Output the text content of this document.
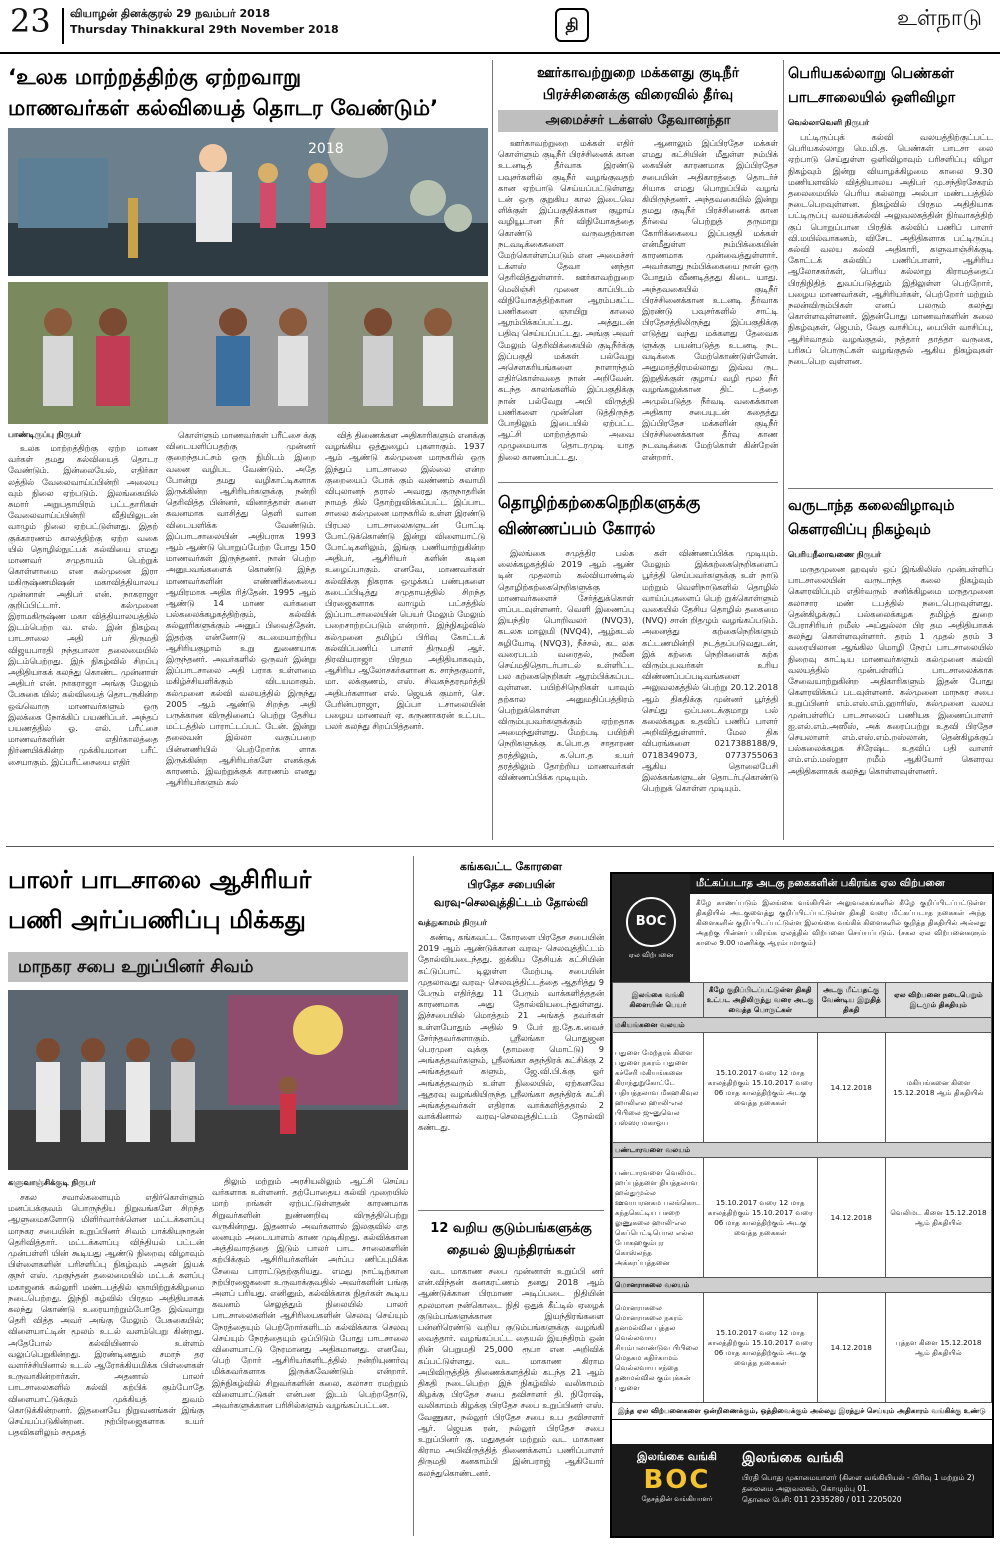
23 வியாழன் தினக்குரல் 29 நவம்பர் 2018
Thursday Thinakkural 29th November 2018	தி	உள்நாடு
‘உலக மாற்றத்திற்கு ஏற்றவாறு
மாணவர்கள் கல்வியைத் தொடர வேண்டும்’
2018
பாண்டிருப்பு நிருபர்

உலக மாற்றத்திற்கு ஏற்ற மாண வர்கள் தமது கல்வியைத் தொடர வேண்டும். இன்லையேல், எதிர்கா லத்தில் வேலைவாய்ப்பின்றி அலைய வும் நிலை ஏற்படும். இலங்கையில் சுமார் அறுபதாயிரம் பட்டதாரிகள் வேலைவாய்ப்பின்றி வீதியிலுடன் வாழும் நிலை ஏற்பட்டுள்ளது. இதற் குக்காரணம் காலத்திற்கு ஏற்ற வகை யில் தொழில்நுட்பக் கல்வியை எமது மாணவர் சமுதாயம் பெற்றுக் கொள்ளாமை என கல்முனை இரா மகிருஷ்ணமிஷன் மகாவித்தியாலய முன்னாள் அதிபர் என். நாகராஜா குறிப்பிட்டார். கல்முனை இராமகிருஷ்ண மகா வித்தியாலயத்தில் இடம்பெற்ற வ. எல். இன் நிகழ்வு பாடசாலை அதி பர் திருமதி விஜயபாரதி நந்தபாலா தலைமையில் இடம்பெற்றது. இந் நிகழ்வில் சிறப்பு அதிதியாகக் கலந்து கொண்ட முன்னாள் அதிபர் என். நாகராஜா அங்கு மேலும் பேசுகை யில்; கல்வியைத் தொடருகின்ற ஒவ்வொரு மாணவர்களும் ஒரு இலக்கை நோக்கிப் பயணிப்பர். அந்தப் பயணத்தில் ஓ. எல். பரீட்சை மாணவர்களின் எதிர்காலத்தை நிர்ணயிக்கின்ற முக்கியமான பரீட் சையாகும். இப்பரீட்சையை எதிர்

கொள்ளும் மாணவர்கள் பரீட்சை க்கு விடையளிப்பதற்கு முன்னர் குறைந்தபட்சம் ஒரு நிமிடம் இறை வனை வழிபட வேண்டும். அதே போன்று தமது வழிகாட்டிகளாக இருக்கின்ற ஆசிரியர்களுக்கு நன்றி தெரிவித்த பின்னர், வினாத்தாள் களை கவனமாக வாசித்து தெளி வான விடையளிக்க வேண்டும். இப்பாடசாலையின் அதிபராக 1993 ஆம் ஆண்டு பொறுப்பேற்ற போது 150 மாணவர்கள் இருந்தனர். நான் பெற்ற அனுபவங்களைக் கொண்டு இந்த மாணவர்களின் எண்ணிக்கையை ஆயிரமாக அதிக ரித்தேன். 1995 ஆம் ஆண்டு 14 மாண வர்களை பல்கலைக்கழகத்திற்கும், கல்விக் கல்லூரிகளுக்கும் அனுப் பிவைத்தேன். இதற்கு என்னோடு கடமையாற்றிய ஆசிரியகுழாம் உறு துணையாக இருந்தனர். அவர்களில் ஒருவர் இன்று இப்பாடசாலை அதி பராக உள்ளமை மகிழ்ச்சியளிக்கும் விடயமாகும். கல்முனை கல்வி வலயத்தில் இருந்து 2005 ஆம் ஆண்டு சிறந்த அதி பருக்கான விருதினைப் பெற்று தேசிய மட்டத்தில் பாராட்டப்பட் டேன். இன்று தலைவன் இல்லா வகுப்பறை பின்னணியில் பெற்றோர்க ளாக இருக்கின்ற ஆசிரியர்களே எனக்குக் காரணம். இவற்றுக்குக் காரணம் எனது ஆசிரியர்களும் கல்

வித் திணைக்கள அதிகாரிகளும் எனக்கு வழங்கிய ஒத்துழைப் புகளாகும். 1937 ஆம் ஆண்டு கல்முனை மாநகரில் ஒரு இந்துப் பாடசாலை இல்லை என்ற குறையைப் போக் கும் வண்ணம் சுவாமி விபுலானந் தரால் அவரது குருநாதரின் நாமத் தில் தோற்றுவிக்கப்பட்ட இப்பாட சாலை கல்முனை மாநகரில் உள்ள இரண்டு பிரபல பாடசாலைகளுடன் போட்டி போட்டுக்கொண்டு இன்று விளையாட்டு போட்டிகளிலும், இங்கு பணியாற்றுகின்ற அதிபர், ஆசிரியர் களின் கடின உழைப்பாகும். எனவே, மாணவர்கள் கல்விக்கு நிகராக ஒழுக்கப் பண்புகளை கடைப்பிடித்து சமுதாயத்தில் சிறந்த பிரஜைகளாக வாழும் பட்சத்தில் இப்பாடசாலையின் பெயர் மேலும் மேலும் பறைசாற்றப்படும் என்றார். இந்நிகழ்வில் கல்முனை தமிழ்ப் பிரிவு கோட்டக் கல்விப்பணிப் பாளர் திருமதி ஆர். திரவியராஜா பிரதம அதிதியாகவும், ஆசிரிய ஆலோசகர்களான க. சாந்தகுமார், மா. லக்குணம், எஸ். சிவகந்தரமூர்த்தி அதிபர்களான எல். ஜெயக் குமார், செ. பேரின்பராஜா, இப்பா டசாலையின் பழைய மாணவர் ஏ. கருணாகரன் உட்பட பலர் கலந்து சிறப்பித்தனர்.

ஊர்காவற்றுறை மக்களது குடிநீர்
பிரச்சினைக்கு விரைவில் தீர்வு
அமைச்சர் டக்ளஸ் தேவானந்தா

ஊர்காவற்றுறை மக்கள் எதிர் கொள்ளும் குடிநீர் பிரச்சினைக் கான உடனடித் தீர்வாக இரண்டு பவுசர்களில் குடிநீர் வழங்குவதற் கான ஏற்பாடு செய்யப்பட்டுள்ளது டன் ஒரு குறுகிய கால இடைவெ ளிக்குள் இப்பகுதிக்கான குழாய் வழியூடான நீர் விநியோகத்தை கொண்டு வருவதற்கான நடவடிக்கைகளை மேற்கொள்ளப்படும் என அமைச்சர் டக்ளஸ் தேவா னந்தா தெரிவித்துள்ளார். ஊர்காவற்றுறை மெலிஞ்சி முனை காப்பிடம் விநியோகத்திற்கான ஆரம்பகட்ட பணிகளை ஞாயிறு காலை ஆரம்பிக்கப்பட்டது. அத்துடன் பதிவு செய்யப்பட்டது. அங்கு அவர் மேலும் தெரிவிக்கையில் குடிநீர்க்கு இப்பகுதி மக்கள் பல்வேறு அசௌகரியங்களை நாளாந்தம் எதிர்கொள்வதை நான் அறிவேன். கடந்த காலங்களில் இப்பகுதிக்கு நான் பல்வேறு அபி விருத்தி பணிகளை முன்னெ டுத்திருந்த போதிலும் இடையில் ஏற்பட்ட ஆட்சி மாற்றத்தால் அவை முழுமையாக தொடரமுடி யாத நிலை காணப்பட்டது.

ஆனாலும் இப்பிரதேச மக்கள் எமது கட்சியின் மீதுள்ள நம்பிக் கையின் காரணமாக இப்பிரதேச சபையின் அதிகாரத்தை தொடர்ச் சியாக எமது பொறுப்பில் வழங் கியிருந்தனர். அந்தவகையில் இன்று தமது குடிநீர் பிரச்சினைக் கான தீர்வை பெற்றுத் தருமாறு கோரிக்கையை இப்பகுதி மக்கள் என்மீதுள்ள நம்பிக்கையின் காரணமாக முன்வைத்துள்ளார். அவர்களது நம்பிக்கையை நான் ஒரு போதும் வீணடித்தது கிடை யாது. அந்தவகையில் குடிநீர் பிரச்சினைக்கான உடனடி தீர்வாக இரண்டு பவுசர்களில் சாட்டி பிரதேசத்திலிருந்து இப்பகுதிக்கு எடுத்து வந்து மக்களது தேவைக ளுக்கு பயன்படுத்த உடனடி நட வடிக்கை மேற்கொண்டுள்ளேன். அதுமாத்திரமல்லாது இவ்வ ருட இறுதிக்குள் குழாய் வழி மூல நீர் வழங்கலுக்கான திட் டத்தை அமுல்படுத்த நீர்வடி வகைக்கான அதிகார சபையுடன் கதைத்து இப்பிரதேச மக்களின் குடிநீர் பிரச்சினைக்கான தீர்வு காண நடவடிக்கை மேற்கொள் கின்றேன் என்றார்.

தொழிற்கற்கைநெறிகளுக்கு
விண்ணப்பம் கோரல்

இலங்கை சமுத்திர பல்க லைக்கழகத்தில் 2019 ஆம் ஆண் டின் முதலாம் கல்வியாண்டில் தொழிற்கற்கைநெறிகளுக்கு மாணவர்களைச் சேர்த்துக்கொள் ளப்படவுள்ளனர். வெளி இணைப்பு இயந்திர பொறிவலர் (NVQ3), கடலக மாலுமி (NVQ4), ஆழ்கடல் சுழியோடி (NVQ3), நீச்சல், கட லக வரைபடம் வரைதல், நவீன செய்மதிதொடர்பாடல் உள்ளிட்ட பல கற்கைநெறிகள் ஆரம்பிக்கப்பட வுள்ளன. பயிற்சிநெறிகள் யாவும் தற்கால அனுமதிப்பத்திரம் பெற்றுக்கொள்ள விரும்புபவர்களுக்கும் ஏற்றதாக அமைந்துள்ளது. மேற்படி பயிற்சி நெறிகளுக்கு க.பொ.த சாதாரண தரத்திலும், க.பொ.த உயர் தரத்திலும் தோற்றிய மாணவர்கள் விண்ணப்பிக்க முடியும்.

கள் விண்ணப்பிக்க முடியும். மேலும் இக்கற்கைநெறிகளைப் பூர்த்தி செய்பவர்களுக்கு உள் நாடு மற்றும் வெளிநாடுகளில் தொழில் வாய்ப்புகளைப் பெற் றுக்கொள்ளும் வகையில் தேசிய தொழில் தகைமை (NVQ) சான் றிதழும் வழங்கப்படும். அனைத்து கற்கைநெறிகளும் கட்டணமின்றி நடத்தப்படுவதுடன், இக் கற்கை நெறிகளைக் கற்க விரும்புபவர்கள் உரிய விண்ணப்பப்படிவங்களை அலுவலகத்தில் பெற்று 20.12.2018 ஆம் திகதிக்கு முன்னர் பூர்த்தி செய்து ஒப்படைக்குமாறு பல் கலைக்கழக உதவிப் பணிப் பாளர் அறிவித்துள்ளார். மேல திக விபரங்களை 0217388188/9, 0718349073, 0773755063 ஆகிய தொலைபேசி இலக்கங்களுடன் தொடர்புகொண்டு பெற்றுக் கொள்ள முடியும்.

பெரியகல்லாறு பெண்கள்
பாடசாலையில் ஒளிவிழா
வெல்லாவெளி நிருபர்

பட்டிருப்புக் கல்வி வலயத்திற்குட்பட்ட பெரியகல்லாறு மெ.மி.த. பெண்கள் பாடசா லை ஏற்பாடு செய்துள்ள ஒளிவிழாவும் பரிசளிப்பு விழா நிகழ்வும் இன்று வியாழக்கிழமை காலை 9.30 மணியளவில் வித்தியாலய அதிபர் மு.சந்திரசேகரம் தலைமையில் பெரிய கல்லாறு அல்பா மண்டபத்தில் நடைபெறவுள்ளன. நிகழ்வில் பிரதம அதிதியாக பட்டிருப்பு வலயக்கல்வி அலுவலகத்தின் நிர்வாகத்திற் குப் பொறுப்பான பிரதிக் கல்விப் பணிப் பாளர் வி.மயில்வாகனம், விசேட அதிதிகளாக பட்டிருப்பு கல்வி வலய கல்வி அதிகாரி, களுவாஞ்சிக்குடி கோட்டக் கல்விப் பணிப்பாளர், ஆசிரிய ஆலோசகர்கள், பெரிய கல்லாறு கிராமத்தைப் பிரதிநிதித் துவப்படுத்தும் இதிலுள்ள பெற்றோர், பழைய மாணவர்கள், ஆசிரியர்கள், பெற்றோர் மற்றும் நலன்விரும்பிகள் எனப் பலரும் கலந்து கொள்ளவுள்ளனர். இதன்போது மாணவர்களின் கலை நிகழ்வுகள், ஜெபம், வேத வாசிப்பு, பைபிள் வாசிப்பு, ஆசிர்வாதம் வழங்குதல், நத்தார் தாத்தா வருகை, பரிசுப் பொருட்கள் வழங்குதல் ஆகிய நிகழ்வுகள் நடைபெற வுள்ளன.

வருடாந்த கலைவிழாவும்
கௌரவிப்பு நிகழ்வும்
பெரியநீலாவணை நிருபர்

மருதமுனை ஹவுஸ் ஒப் இங்கிலிஸ் முன்பள்ளிப் பாடசாலையின் வருடாந்த கலை நிகழ்வும் கௌரவிப்பும் எதிர்வரும் சனிக்கிழமை மருதமுனை கலாசார மண் டபத்தில் நடைபெறவுள்ளது. தென்கிழக்குப் பல்கலைக்கழக தமிழ்த் துறை பேராசிரியர் றமீஸ் அப்துல்லா பிர தம அதிதியாகக் கலந்து கொள்ளவுள்ளார். தரம் 1 முதல் தரம் 3 வரையிலான ஆங்கில மொழி நேரப் பாடசாலையில் நிறைவு காட்டிய மாணவர்களும் கல்முனை கல்வி வலயத்தில் முன்பள்ளிப் பாடசாலைக்காக சேவையாற்றுகின்ற அதிகாரிகளும் இதன் போது கௌரவிக்கப் படவுள்ளனர். கல்முனை மாநகர சபை உறுப்பினர் எம்.எஸ்.எம்.ஹாரிஸ், கல்முனை வலய முன்பள்ளிப் பாடசாலைப் பணியக இணைப்பாளர் ஐ.எல்.எம்.அஸீஸ், அக் கரைப்பற்று உதவி பிரதேச செயலாளர் எம்.எஸ்.எம்.றஸ்லான், தென்கிழக்குப் பல்கலைக்கழக சிரேஷ்ட உதவிப் பதி வாளர் எம்.எம்.மஸ்றூா றமீம் ஆகியோர் கௌரவ அதிதிகளாகக் கலந்து கொள்ளவுள்ளனர்.

பாலர் பாடசாலை ஆசிரியர்
பணி அர்ப்பணிப்பு மிக்கது
மாநகர சபை உறுப்பினர் சிவம்
களுவாஞ்சிக்குடி நிருபர்

சகல சவால்களையும் எதிர்கொள்ளும் மனப்பக்குவம் பொருந்திய நிறுவங்களே சிறந்த ஆளுமைகளோடு மிளிர்வார்க்ளென மட்டக்களப்பு மாநகர சபையின் உறுப்பினர் சிவம் பாக்கியநாதன் தெரிவித்தார். மட்டக்களப்பு விந்தியல் பட்டன் முன்பள்ளி யின் கூடியது ஆண்டு நிறைவு விழாவும் பிள்ளைகளின் பரிசளிப்பு நிகழ்வும் அதன் இயக் குநர் எஸ். முகுந்தன் தலைமையில் மட்டக் களப்பு மகாஜனக் கல்லூரி மண்டபத்தில் ஞாயிற்றுக்கிழமை நடைபெற்றது. இந்நி கழ்வில் பிரதம அதிதியாகக் கலந்து கொண்டு உரையாற்றும்போதே இவ்வாறு தெரி வித்த அவர் அங்கு மேலும் பேசுகையில்; விளையாட்டின் மூலம் உடல் வளம்பெறு கின்றது. அதேபோல் கல்வியினால் உள்ளம் வலுப்பெறுகின்றது. இரண்டினதும் சமாந் தர வளர்ச்சியினால் உடல் ஆரோக்கியமிக்க பிள்ளைகள் உருவாகின்றார்கள். அதனால் பாலர் பாடசாலைகளில் கல்வி கற்பிக் கும்போதே விளையாட்டுக்கும் முக்கியத் துவம் கொடுக்கின்றனர். இதனையே நிறுவனங்கள் இங்கு செய்யப்படுகின்றன. நற்பிரஜைகளாக உயர் பதவிகளிலும் சமூகத்

திலும் மற்றும் அரசியலிலும் ஆட்சி செய்ய வர்களாக உள்ளனர். தற்போதைய கல்வி முறையில் மாற் றங்கள் ஏற்பட்டுள்ளதன் காரணமாக சிறுவர்களின் நுண்ணறிவு விருத்திபெற்று வருகின்றது. இதனால் அவர்களால் இலகுவில் எத னையும் அடையாளம் காண முடிகிறது. கல்விக்கான அத்திவாரத்தை இடும் பாலர் பாட சாலைகளின் கற்பிக்கும் ஆசிரியர்களின் அர்ப்ப ணிப்புமிக்க சேவை பாராட்டுதற்குரியது. எமது நாட்டிற்கான நற்பிரஜைகளை உருவாக்குவதில் அவர்களின் பங்கு அளப் பரியது. எனினும், கல்விக்காக நிதர்கள் கூடிய கவனம் செலுத்தும் நிலையில் பாலர் பாடசாலைகளின் ஆசிரியைகளின் செலவு செய்யும் நேரத்தையும் பெற்றோர்களிடம் கல்விக்காக செலவு செய்யும் நேரத்தையும் ஒப்பிடும் போது பாடசாலை விளையாட்டு நேரமானது அதிகமானது. எனவே, பெற் றோர் ஆசிரியர்களிடத்தில் நன்றியுணர்வு மிக்கவர்களாக இருக்கவேண்டும் என்றார். இந்நிகழ்வில் சிறுவர்களின் கலை, கலாசா ரமற்றும் விளையாட்டுகள் என்பன இடம் பெற்றதோடு, அவர்களுக்கான பரிசில்களும் வழங்கப்பட்டன.

கங்கவட்ட கோரளை
பிரதேச சபையின்
வரவு-செலவுத்திட்டம் தோல்வி
வத்துகாமம் நிருபர்

கண்டி, கங்கவட்ட கோரளை பிரதேச சபையின் 2019 ஆம் ஆண்டுக்கான வரவு- செலவுத்திட்டம் தோல்வியடைந்தது. ஐக்கிய தேசியக் கட்சியின் கட்டுப்பாட் டிலுள்ள மேற்படி சபையின் முதலாவது வரவு- செலவுத்திட்டத்தை ஆதரித்து 9 பேரும் எதிர்த்து 11 பேரும் வாக்களித்ததன் காரணமாக அது தோல்வியடைந்துள்ளது. இச்சபையில் மொத்தம் 21 அங்கத் தவர்கள் உள்ளபோதும் அதில் 9 பேர் ஐ.தே.க.வைச் சேர்ந்தவர்களாகும். ஸ்ரீலங்கா பொதுஜன பெரமுன வுக்கு (தாமரை மொட்டு) 9 அங்கத்தவர்களும், ஸ்ரீலங்கா சுதந்திரக் கட்சிக்கு 2 அங்கத்தவர் களும், ஜே.வி.பி.க்கு ஓர் அங்கத்தவரும் உள்ள நிலையில், ஏற்கனவே ஆதரவு வழங்கியிருந்த ஸ்ரீலங்கா சுதந்திரக் கட்சி அங்கத்தவர்கள் எதிராக வாக்களித்ததால் 2 வாக்கினால் வரவு-செலவுத்திட்டம் தோல்வி கண்டது.

12 வறிய குடும்பங்களுக்கு
தையல் இயந்திரங்கள்

வட மாகாண சபை முன்னாள் உறுப்பி னர் என்.விந்தன் கனகரட்ணம் தனது 2018 ஆம் ஆண்டுக்கான பிரமாண அடிப்படை நிதியின் மூலமான நன்கொடை நிதி ஒதுக் கீட்டில் ஏழைக் குடும்பங்களுக்கான இயந்திரங்களை பன்னிரெண்டு வறிய குடும்பங்களுக்கு வழங்கி வைத்தார். வழங்கப்பட்ட தையல் இயந்திரம் ஒன் றின் பெறுமதி 25,000 ரூபா என அறிவிக் கப்பட்டுள்ளது. வட மாகாண கிராம அபிவிருத்தித் திணைக்களத்தில் கடந்த 21 ஆம் திகதி நடைபெற்ற இந் நிகழ்வில் வலிகாமம் கிழக்கு பிரதேச சபை தவிசாளர் தி. நிரோஷ், வலிகாமம் கிழக்கு பிரதேச சபை உறுப்பினர் எஸ். வேணுகா, நல்லூர் பிரதேச சபை உப தவிசாளர் ஆர். ஜெயக ரன், நல்லூர் பிரதேச சபை உறுப்பினர் கு. மதுசுதன் மற்றும் வட மாகாண கிராம அபிவிருத்தித் திணைக்களப் பணிப்பாளர் திருமதி கனகாம்பி இன்பராஜ் ஆகியோர் கலந்துகொண்டனர்.

BOC
ஏல விற்பனை
மீட்கப்படாத அடகு நகைகளின் பகிரங்க ஏல விற்பனை
கீழே காணப்படும் இலங்கை வங்கியின் அலுவலகங்களில் கீழே குறிப்பிடப்பட்டுள்ள திகதியில் அடகுவைத்து குறிப்பிடப்பட்டுள்ள திகதி வரை மீட்கப்படாத நகைகள் அந்த கிளைகளில் குறிப்பிடப்பட்டுள்ள இலங்கை வங்கிக் கிளைகளில் குறித்த திகதியில் அல்லது அதற்கு பின்னர் பகிரங்க ஏலத்தில் விற்பனை செய்யப்படும். (சகல ஏல விற்பனைகளும் காலை 9.00 மணிக்கு ஆரம்பமாகும்)
இலங்கை வங்கி கிளையின் பெயர்	கீழே குறிப்பிடப்பட்டுள்ள திகதி உட்பட அதிலிருந்து வரை அடகு வைத்த பொருட்கள்	அடகு மீட்பதட்கு வேண்டிய இறுதித் திகதி	ஏல விற்பனை நடைபெறும் இடமும் திகதியும்
மகியங்கனை வலயம்			
பதுளை மேற்தரக் கிளை பதுளை நகரம் பதுளை கச்சேரி மகியங்கனை கிராந்துறுகோட்டே பதியத்தலாவ மீகஹகிவுல ஹாலிஎல ஹாலி-எல பிபிலை ஜுனுவெல பஸ்ஸர மகாஓய	15.10.2017 வரை 12 மாத காலத்திற்கும் 15.10.2017 வரை 06 மாத காலத்திற்கும் அடகு வைத்த நகைகள்	14.12.2018	மகியங்கனை கிளை 15.12.2018 ஆம் திகதியில்
பண்டாரவளை வலயம்			
பண்டாரவளை வெலிமட ஹப்புத்தளை தியத்தலாவ ஹல்துமுல்ல ஊவாபரனகம பலங்கொட கந்தகெட்டிய பசறை லுணுகலை ஹாலி-எல கெப்பெட்டிபொல எல்ல போகஹகும்புர கொஸ்லந்த அக்கரப்பத்தனை	15.10.2017 வரை 12 மாத காலத்திற்கும் 15.10.2017 வரை 06 மாத காலத்திற்கும் அடகு வைத்த நகைகள்	14.12.2018	வெலிமட கிளை 15.12.2018 ஆம் திகதியில்
மொனராகலை வலயம்			
மொனராகலை மொனராகலை நகரம் தனமல்வில புத்தல வெல்லவாய சியம்பலாண்டுவ பிபிலை மெதகம கதிர்காமம் வெல்லவாய சந்தை தணமல்வில கும்புக்கன் பதுளை	15.10.2017 வரை 12 மாத காலத்திற்கும் 15.10.2017 வரை 06 மாத காலத்திற்கும் அடகு வைத்த நகைகள்	14.12.2018	புத்தள கிளை 15.12.2018 ஆம் திகதியில்
இந்த ஏல விற்பனைகளை ஒன்றிணைக்கும், ஒத்திவைக்கும் அல்லது இரத்துச் செய்யும் அதிகாரம் வங்கிக்கு உண்டு
இலங்கை வங்கி
BOC
தேசத்தின் வங்கியாளர்
இலங்கை வங்கி
பிரதி பொது முகாமையாளர் (கிளை வங்கியியல் - பிரிவு 1 மற்றும் 2)
தலைமை அலுவலகம், கொழும்பு 01.
தொலை பேசி: 011 2335280 / 011 2205020
